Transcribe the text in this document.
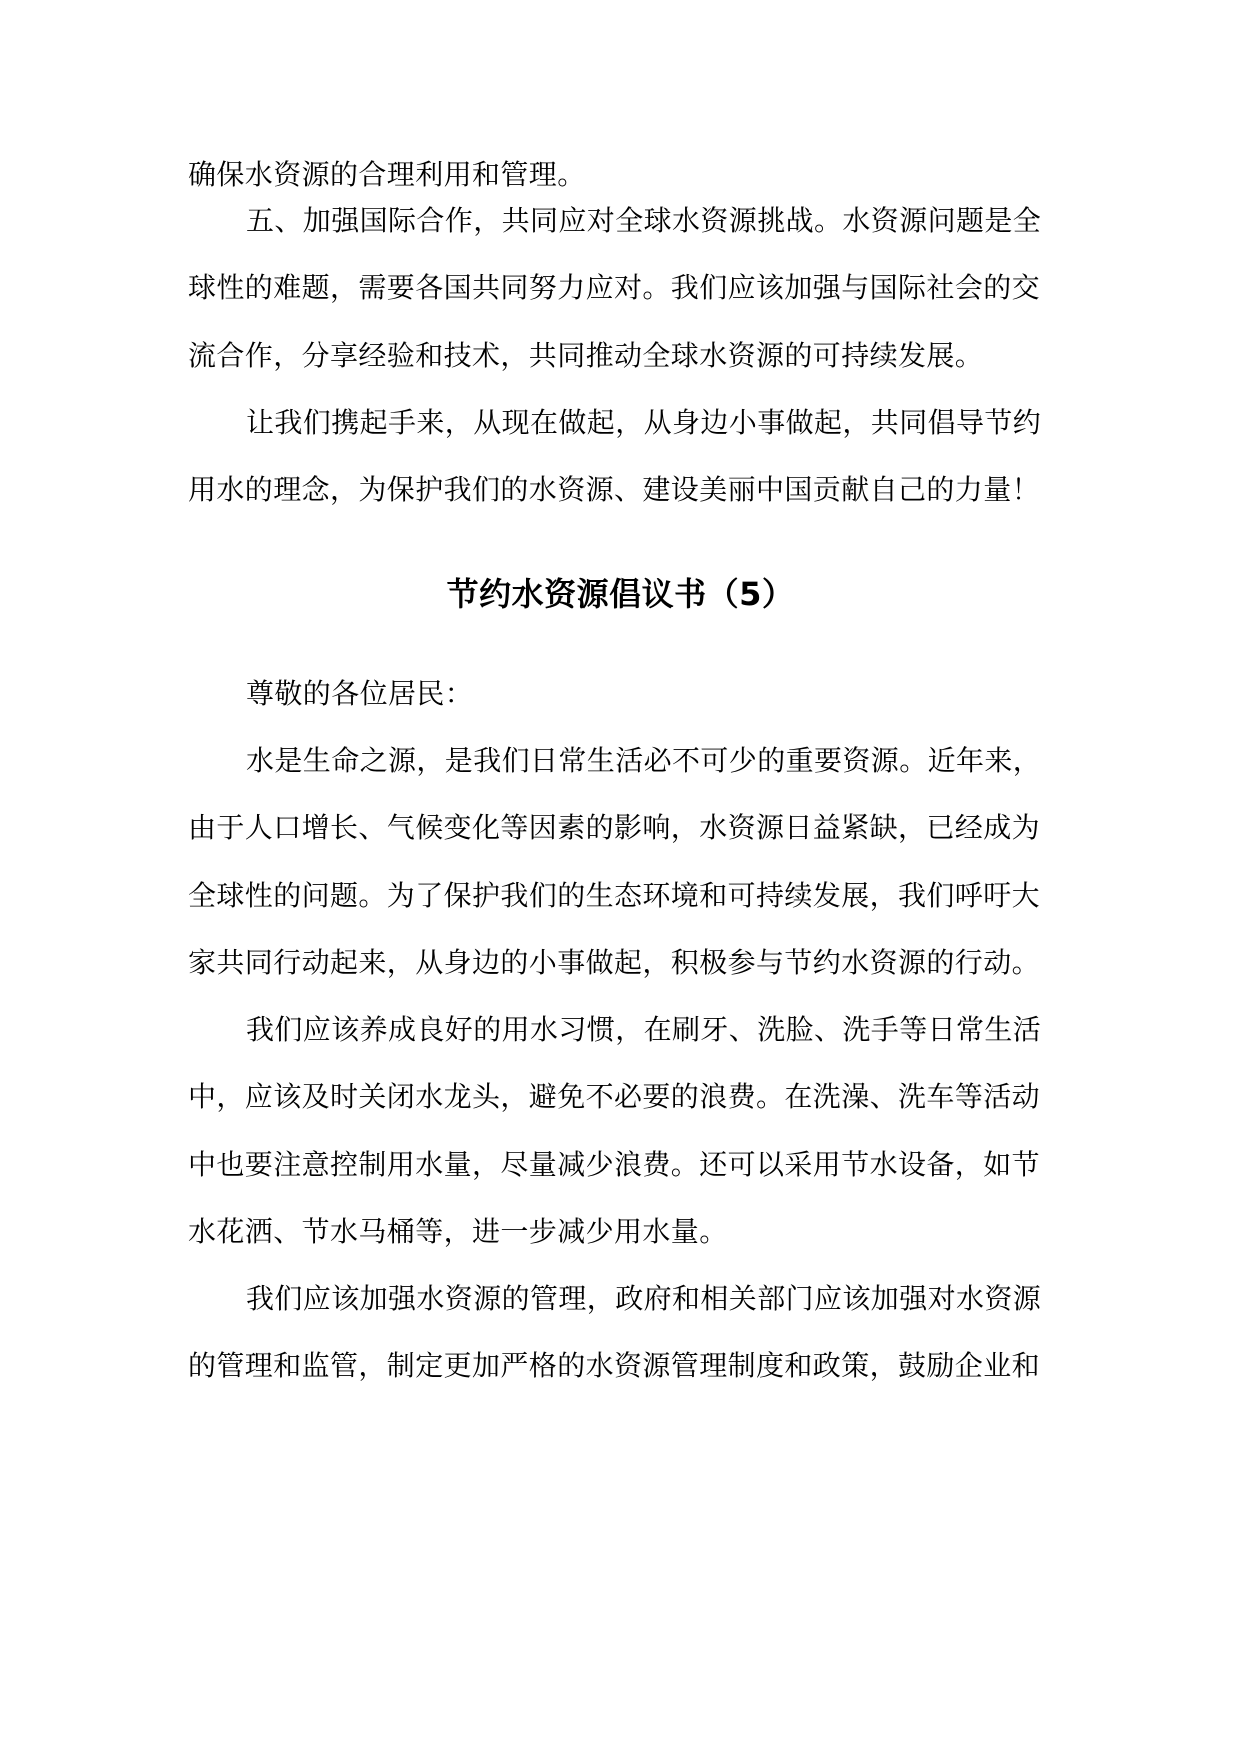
确保水资源的合理利用和管理。
五、加强国际合作，共同应对全球水资源挑战。水资源问题是全
球性的难题，需要各国共同努力应对。我们应该加强与国际社会的交
流合作，分享经验和技术，共同推动全球水资源的可持续发展。
让我们携起手来，从现在做起，从身边小事做起，共同倡导节约
用水的理念，为保护我们的水资源、建设美丽中国贡献自己的力量！
节约水资源倡议书（5）
尊敬的各位居民：
水是生命之源，是我们日常生活必不可少的重要资源。近年来，
由于人口增长、气候变化等因素的影响，水资源日益紧缺，已经成为
全球性的问题。为了保护我们的生态环境和可持续发展，我们呼吁大
家共同行动起来，从身边的小事做起，积极参与节约水资源的行动。
我们应该养成良好的用水习惯，在刷牙、洗脸、洗手等日常生活
中，应该及时关闭水龙头，避免不必要的浪费。在洗澡、洗车等活动
中也要注意控制用水量，尽量减少浪费。还可以采用节水设备，如节
水花洒、节水马桶等，进一步减少用水量。
我们应该加强水资源的管理，政府和相关部门应该加强对水资源
的管理和监管，制定更加严格的水资源管理制度和政策，鼓励企业和
